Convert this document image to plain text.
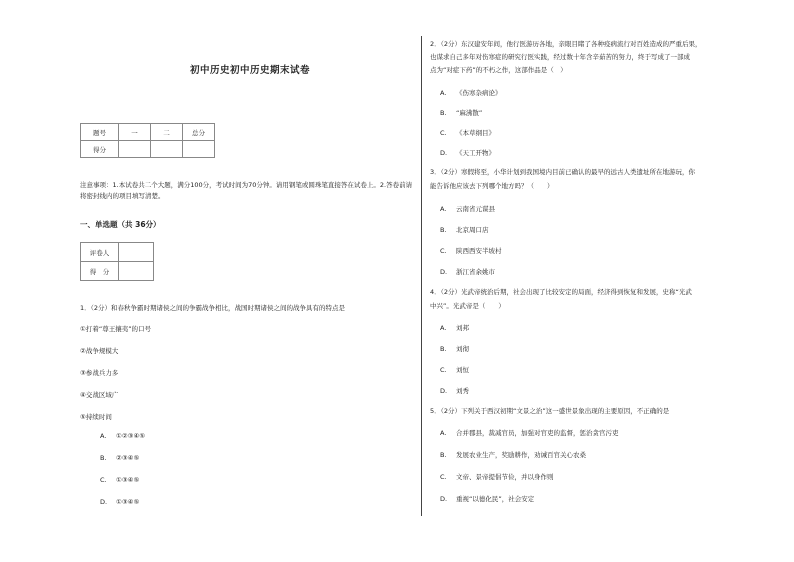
初中历史初中历史期末试卷
题号	一	二	总分
得分			
注意事项：1.本试卷共二个大题，满分100分，考试时间为70分钟。请用钢笔或圆珠笔直接答在试卷上。2.答卷前请将密封线内的项目填写清楚。
一、单选题（共 36分）
评卷人	
得　分	
1．（2分）和春秋争霸时期诸侯之间的争霸战争相比，战国时期诸侯之间的战争具有的特点是
①打着“尊王攘夷”的口号
②战争规模大
③参战兵力多
④交战区域广
⑤持续时间
A. ①②③④⑤
B. ②③④⑤
C. ①③④⑤
D. ①③④⑤
2．（2分）东汉建安年间，他行医游历各地，亲眼目睹了各种疫病流行对百姓造成的严重后果，
也谋求自己多年对伤寒症的研究行医实践，经过数十年含辛茹苦的努力，终于写成了一部成
点为“对症下药”的不朽之作，这部作品是（　）
A. 《伤寒杂病论》
B. “麻沸散”
C. 《本草纲目》
D. 《天工开物》
3．（2分）寒假将至，小华计划到我国境内目前已确认的最早的远古人类遗址所在地游玩，你
能告诉他应该去下列哪个地方吗？（　　）
A. 云南省元谋县
B. 北京周口店
C. 陕西西安半坡村
D. 浙江省余姚市
4．（2分）光武帝统治后期，社会出现了比较安定的局面，经济得到恢复和发展，史称“光武
中兴”。光武帝是（　　）
A. 刘邦
B. 刘彻
C. 刘恒
D. 刘秀
5．（2分）下列关于西汉初期“文景之治”这一盛世景象出现的主要原因，不正确的是
A. 合并郡县，裁减官员，加强对官吏的监督，惩治贪官污吏
B. 发展农业生产，奖励耕作，劝诫百官关心农桑
C. 文帝、景帝提倡节俭，并以身作则
D. 重视“以德化民”，社会安定
